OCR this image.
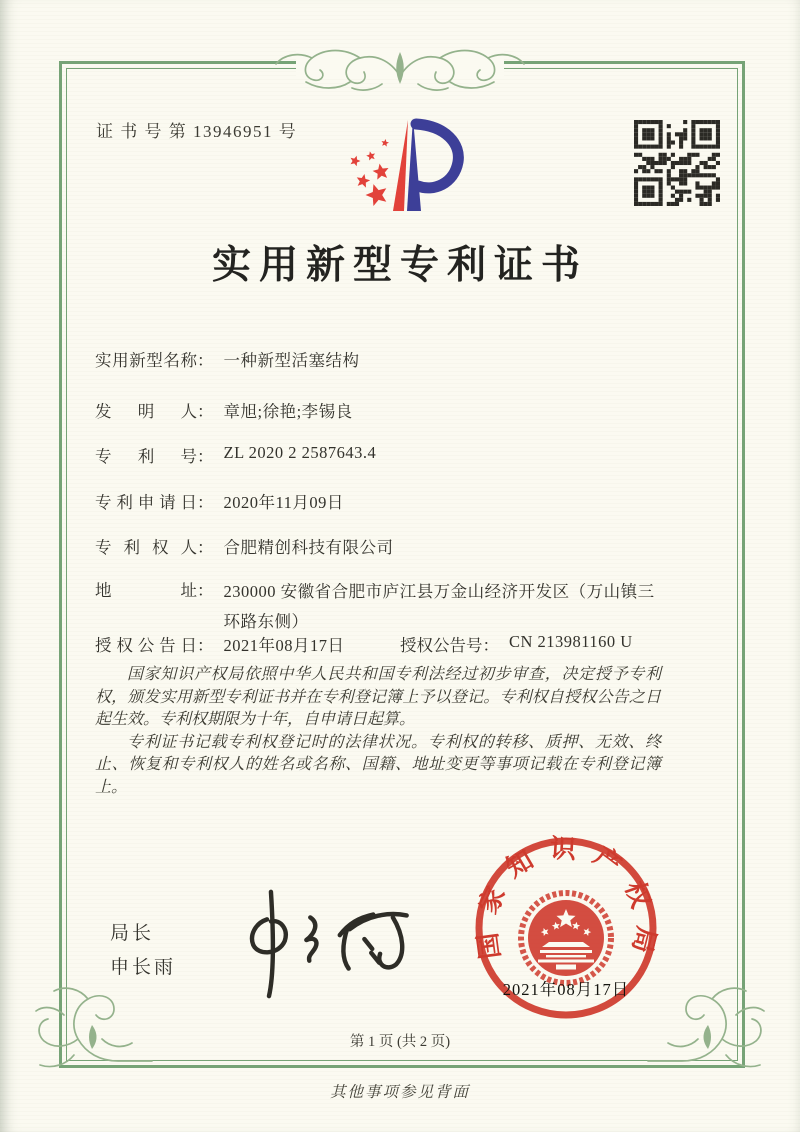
证 书 号 第 13946951 号
实用新型专利证书
实用新型名称： 一种新型活塞结构
发明人： 章旭;徐艳;李锡良
专利号： ZL 2020 2 2587643.4
专利申请日： 2020年11月09日
专利权人： 合肥精创科技有限公司
地址： 230000 安徽省合肥市庐江县万金山经济开发区（万山镇三环路东侧）
授权公告日： 2021年08月17日	授权公告号： CN 213981160 U

国家知识产权局依照中华人民共和国专利法经过初步审查，决定授予专利权，颁发实用新型专利证书并在专利登记簿上予以登记。专利权自授权公告之日起生效。专利权期限为十年，自申请日起算。

专利证书记载专利权登记时的法律状况。专利权的转移、质押、无效、终止、恢复和专利权人的姓名或名称、国籍、地址变更等事项记载在专利登记簿上。

局长
申长雨
国家知识产权局
2021年08月17日
第 1 页 (共 2 页)
其他事项参见背面
